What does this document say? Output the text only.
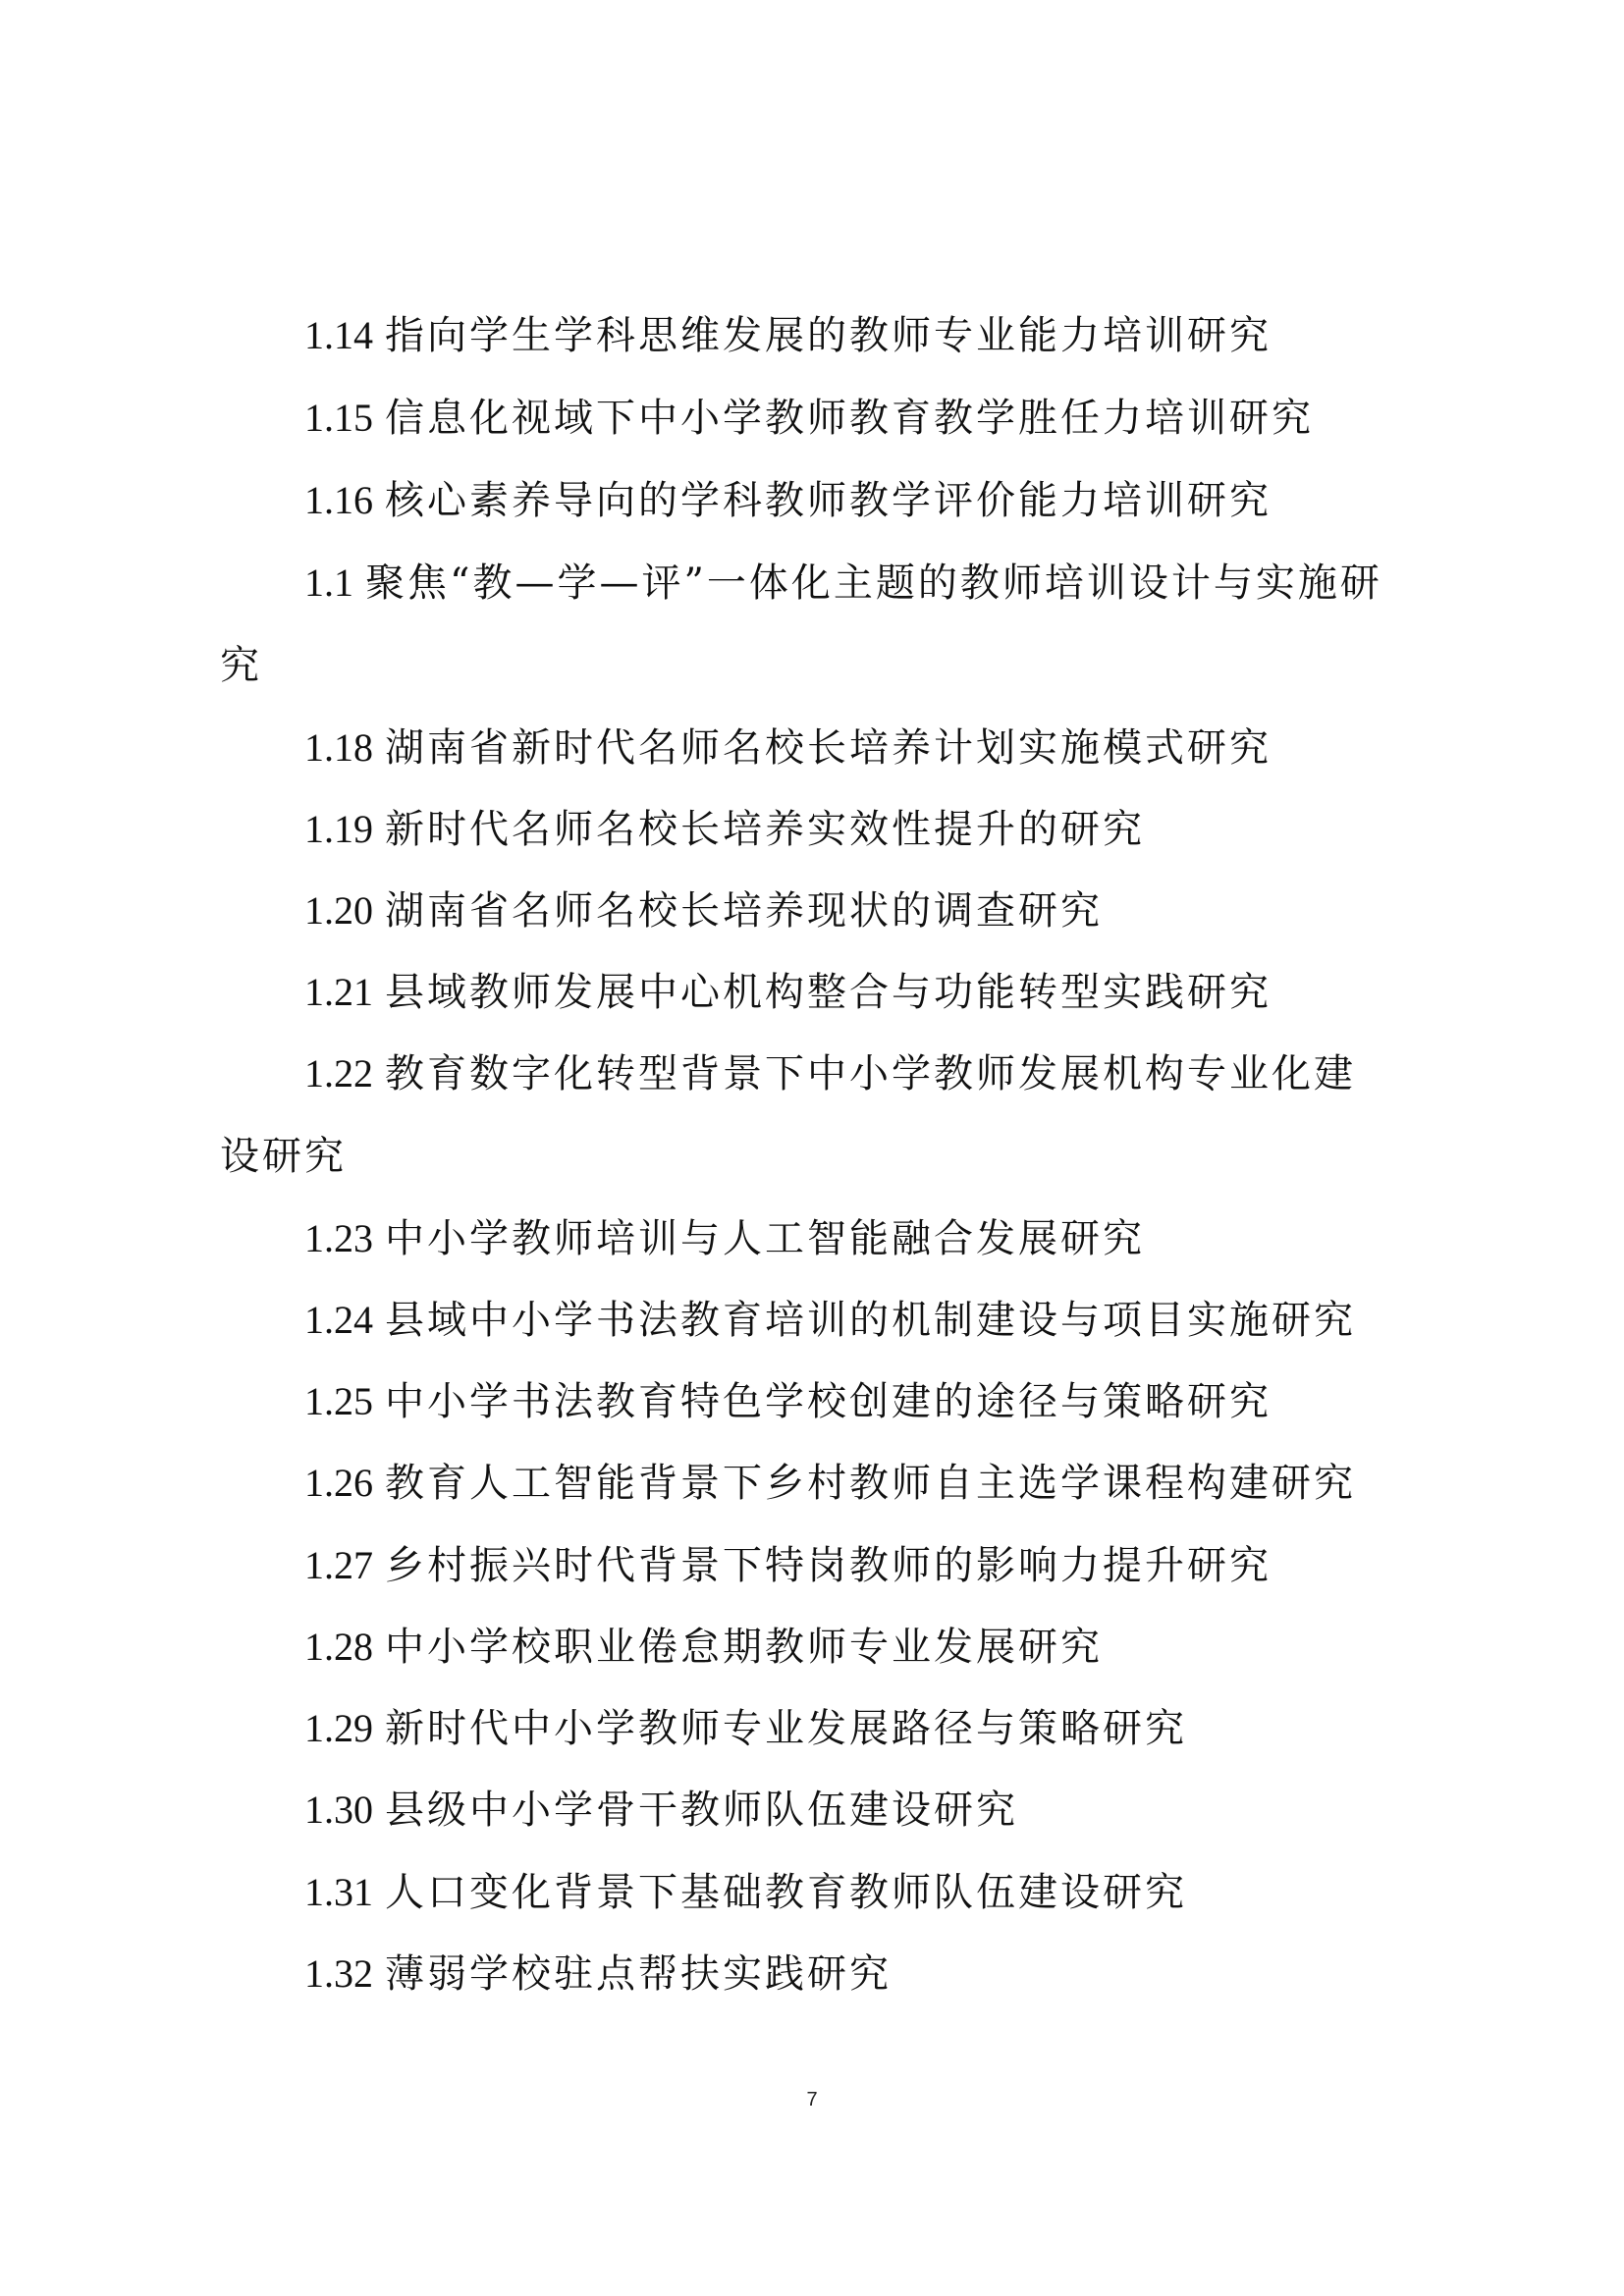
1.14 指向学生学科思维发展的教师专业能力培训研究
1.15 信息化视域下中小学教师教育教学胜任力培训研究
1.16 核心素养导向的学科教师教学评价能力培训研究
1.1 聚焦“教—学—评”一体化主题的教师培训设计与实施研
究
1.18 湖南省新时代名师名校长培养计划实施模式研究
1.19 新时代名师名校长培养实效性提升的研究
1.20 湖南省名师名校长培养现状的调查研究
1.21 县域教师发展中心机构整合与功能转型实践研究
1.22 教育数字化转型背景下中小学教师发展机构专业化建
设研究
1.23 中小学教师培训与人工智能融合发展研究
1.24 县域中小学书法教育培训的机制建设与项目实施研究
1.25 中小学书法教育特色学校创建的途径与策略研究
1.26 教育人工智能背景下乡村教师自主选学课程构建研究
1.27 乡村振兴时代背景下特岗教师的影响力提升研究
1.28 中小学校职业倦怠期教师专业发展研究
1.29 新时代中小学教师专业发展路径与策略研究
1.30 县级中小学骨干教师队伍建设研究
1.31 人口变化背景下基础教育教师队伍建设研究
1.32 薄弱学校驻点帮扶实践研究
7
